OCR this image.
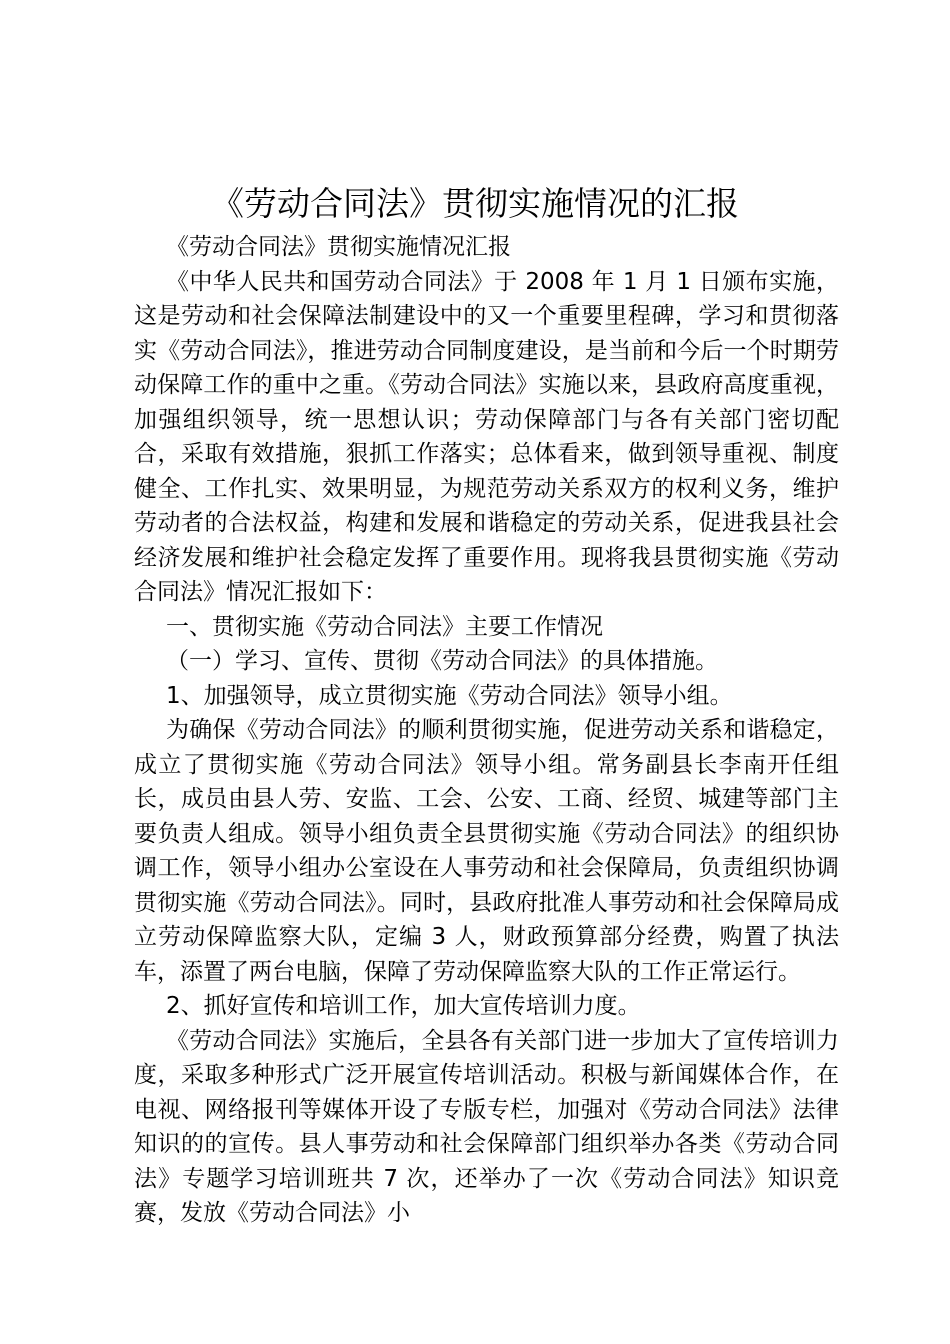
《劳动合同法》贯彻实施情况的汇报

《劳动合同法》贯彻实施情况汇报

《中华人民共和国劳动合同法》于 2008 年 1 月 1 日颁布实施，这是劳动和社会保障法制建设中的又一个重要里程碑，学习和贯彻落实《劳动合同法》，推进劳动合同制度建设，是当前和今后一个时期劳动保障工作的重中之重。《劳动合同法》实施以来，县政府高度重视，加强组织领导，统一思想认识；劳动保障部门与各有关部门密切配合，采取有效措施，狠抓工作落实；总体看来，做到领导重视、制度健全、工作扎实、效果明显，为规范劳动关系双方的权利义务，维护劳动者的合法权益，构建和发展和谐稳定的劳动关系，促进我县社会经济发展和维护社会稳定发挥了重要作用。现将我县贯彻实施《劳动合同法》情况汇报如下：

一、贯彻实施《劳动合同法》主要工作情况

（一）学习、宣传、贯彻《劳动合同法》的具体措施。

1、加强领导，成立贯彻实施《劳动合同法》领导小组。

为确保《劳动合同法》的顺利贯彻实施，促进劳动关系和谐稳定，成立了贯彻实施《劳动合同法》领导小组。常务副县长李南开任组长，成员由县人劳、安监、工会、公安、工商、经贸、城建等部门主要负责人组成。领导小组负责全县贯彻实施《劳动合同法》的组织协调工作，领导小组办公室设在人事劳动和社会保障局，负责组织协调贯彻实施《劳动合同法》。同时，县政府批准人事劳动和社会保障局成立劳动保障监察大队，定编 3 人，财政预算部分经费，购置了执法车，添置了两台电脑，保障了劳动保障监察大队的工作正常运行。

2、抓好宣传和培训工作，加大宣传培训力度。

《劳动合同法》实施后，全县各有关部门进一步加大了宣传培训力度，采取多种形式广泛开展宣传培训活动。积极与新闻媒体合作，在电视、网络报刊等媒体开设了专版专栏，加强对《劳动合同法》法律知识的的宣传。县人事劳动和社会保障部门组织举办各类《劳动合同法》专题学习培训班共 7 次，还举办了一次《劳动合同法》知识竞赛，发放《劳动合同法》小
